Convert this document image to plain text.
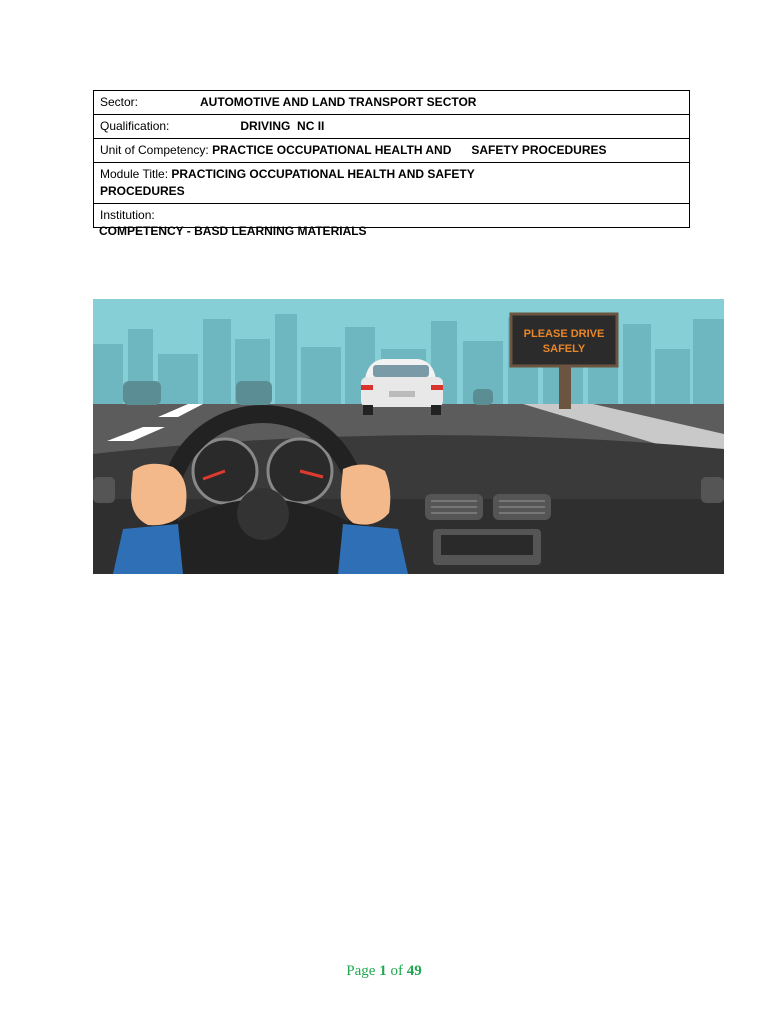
Sector:	AUTOMOTIVE AND LAND TRANSPORT SECTOR
Qualification:	DRIVING  NC II
Unit of Competency: PRACTICE OCCUPATIONAL HEALTH AND SAFETY PROCEDURES
Module Title: PRACTICING OCCUPATIONAL HEALTH AND SAFETY
PROCEDURES
Institution:
COMPETENCY - BASD LEARNING MATERIALS
PLEASE DRIVE
SAFELY
Page 1 of 49
